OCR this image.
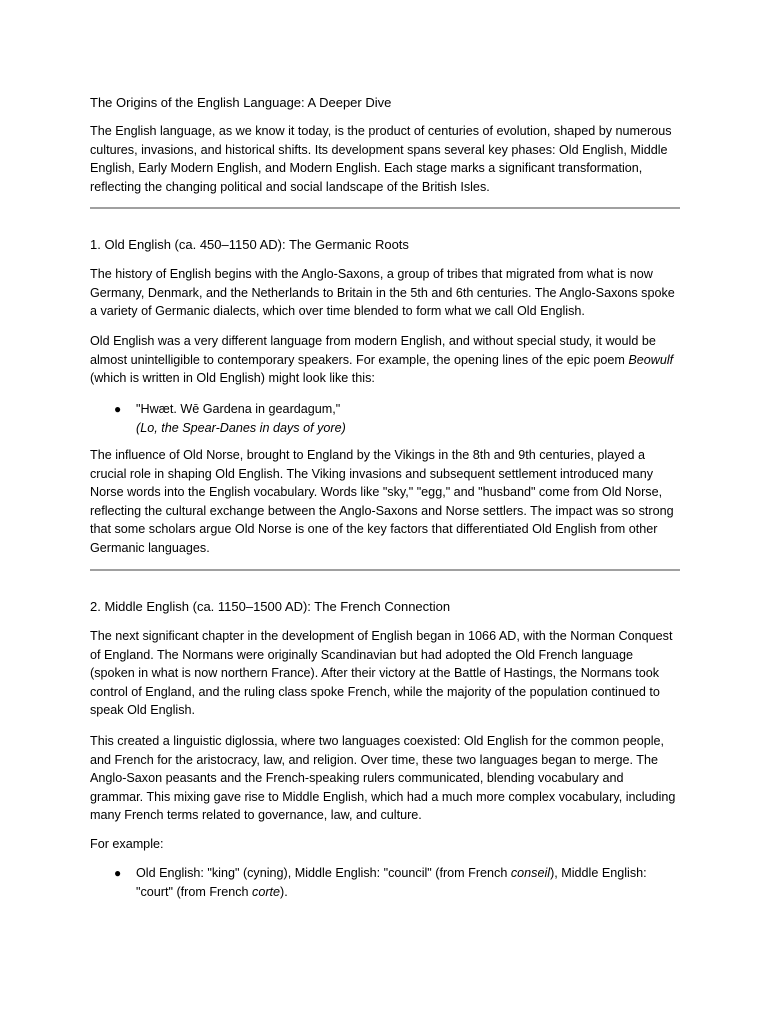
The Origins of the English Language: A Deeper Dive

The English language, as we know it today, is the product of centuries of evolution, shaped by numerous cultures, invasions, and historical shifts. Its development spans several key phases: Old English, Middle English, Early Modern English, and Modern English. Each stage marks a significant transformation, reflecting the changing political and social landscape of the British Isles.

1. Old English (ca. 450–1150 AD): The Germanic Roots

The history of English begins with the Anglo-Saxons, a group of tribes that migrated from what is now Germany, Denmark, and the Netherlands to Britain in the 5th and 6th centuries. The Anglo-Saxons spoke a variety of Germanic dialects, which over time blended to form what we call Old English.

Old English was a very different language from modern English, and without special study, it would be almost unintelligible to contemporary speakers. For example, the opening lines of the epic poem Beowulf (which is written in Old English) might look like this:

● "Hwæt. Wē Gardena in geardagum,"
(Lo, the Spear-Danes in days of yore)

The influence of Old Norse, brought to England by the Vikings in the 8th and 9th centuries, played a crucial role in shaping Old English. The Viking invasions and subsequent settlement introduced many Norse words into the English vocabulary. Words like "sky," "egg," and "husband" come from Old Norse, reflecting the cultural exchange between the Anglo-Saxons and Norse settlers. The impact was so strong that some scholars argue Old Norse is one of the key factors that differentiated Old English from other Germanic languages.

2. Middle English (ca. 1150–1500 AD): The French Connection

The next significant chapter in the development of English began in 1066 AD, with the Norman Conquest of England. The Normans were originally Scandinavian but had adopted the Old French language (spoken in what is now northern France). After their victory at the Battle of Hastings, the Normans took control of England, and the ruling class spoke French, while the majority of the population continued to speak Old English.

This created a linguistic diglossia, where two languages coexisted: Old English for the common people, and French for the aristocracy, law, and religion. Over time, these two languages began to merge. The Anglo-Saxon peasants and the French-speaking rulers communicated, blending vocabulary and grammar. This mixing gave rise to Middle English, which had a much more complex vocabulary, including many French terms related to governance, law, and culture.

For example:

● Old English: "king" (cyning), Middle English: "council" (from French conseil), Middle English: "court" (from French corte).
